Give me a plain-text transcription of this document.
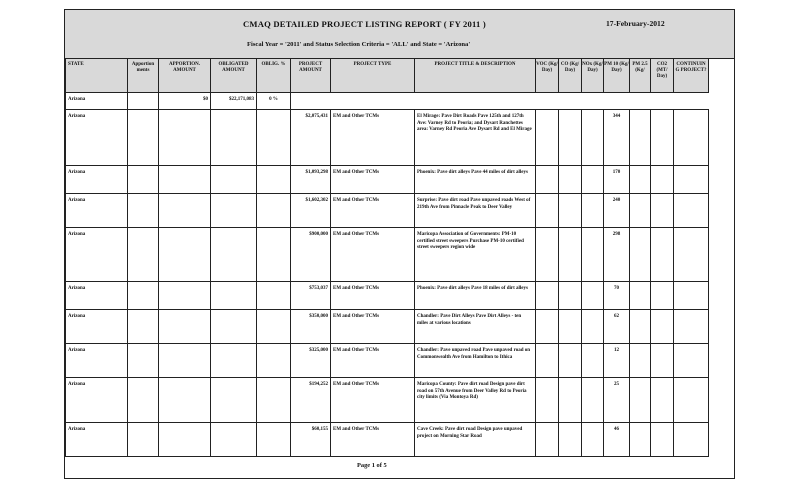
CMAQ DETAILED PROJECT LISTING REPORT ( FY 2011 )	17-February-2012
Fiscal Year = '2011' and Status Selection Criteria = 'ALL' and State = 'Arizona'
STATE	Apportion ments	APPORTION. AMOUNT	OBLIGATED AMOUNT	OBLIG. %	PROJECT AMOUNT	PROJECT TYPE	PROJECT TITLE & DESCRIPTION	VOC (Kg/ Day)	CO (Kg/ Day)	NOx (Kg/ Day)	PM 10 (Kg/ Day)	PM 2.5 (Kg/	CO2 (MT/ Day)	CONTINUIN G PROJECT?
Arizona		$0	$22,171,083	0 %										
Arizona					$2,075,431	EM and Other TCMs	El Mirage: Pave Dirt Roads Pave 125th and 127th Ave: Varney Rd to Peoria; and Dysart Ranchettes area: Varney Rd Peoria Ave Dysart Rd and El Mirage				344			
Arizona					$1,093,298	EM and Other TCMs	Phoenix: Pave dirt alleys Pave 44 miles of dirt alleys				170			
Arizona					$1,602,302	EM and Other TCMs	Surprise: Pave dirt road Pave unpaved roads West of 219th Ave from Pinnacle Peak to Deer Valley				240			
Arizona					$900,000	EM and Other TCMs	Maricopa Association of Governments: PM-10 certified street sweepers Purchase PM-10 certified street sweepers region wide				298			
Arizona					$753,037	EM and Other TCMs	Phoenix: Pave dirt alleys Pave 18 miles of dirt alleys				70			
Arizona					$350,000	EM and Other TCMs	Chandler: Pave Dirt Alleys Pave Dirt Alleys - ten miles at various locations				62			
Arizona					$325,000	EM and Other TCMs	Chandler: Pave unpaved road Pave unpaved road on Commonwealth Ave from Hamilton to Ithica				12			
Arizona					$194,252	EM and Other TCMs	Maricopa County: Pave dirt road Design pave dirt road on 57th Avenue from Deer Valley Rd to Peoria city limits (Via Montoya Rd)				25			
Arizona					$60,155	EM and Other TCMs	Cave Creek: Pave dirt road Design pave unpaved project on Morning Star Road				46			
Page 1 of 5
